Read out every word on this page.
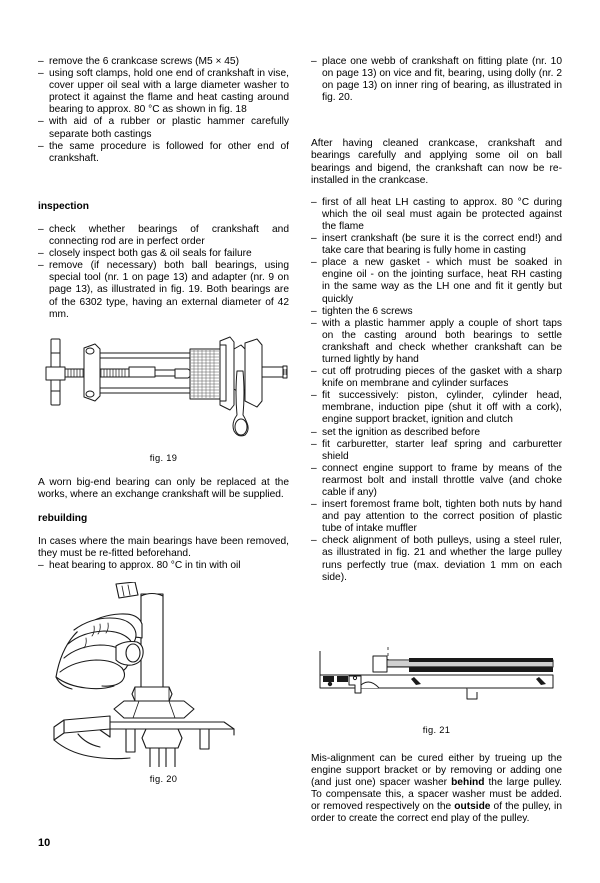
– remove the 6 crankcase screws (M5 × 45)
– using soft clamps, hold one end of crankshaft in vise, cover upper oil seal with a large diameter washer to protect it against the flame and heat casting around bearing to approx. 80 °C as shown in fig. 18
– with aid of a rubber or plastic hammer carefully separate both castings
– the same procedure is followed for other end of crankshaft.
inspection
– check whether bearings of crankshaft and connecting rod are in perfect order
– closely inspect both gas & oil seals for failure
– remove (if necessary) both ball bearings, using special tool (nr. 1 on page 13) and adapter (nr. 9 on page 13), as illustrated in fig. 19. Both bearings are of the 6302 type, having an external diameter of 42 mm.
fig. 19

A worn big-end bearing can only be replaced at the works, where an exchange crankshaft will be supplied.

rebuilding

In cases where the main bearings have been removed, they must be re-fitted beforehand.

– heat bearing to approx. 80 °C in tin with oil
fig. 20
– place one webb of crankshaft on fitting plate (nr. 10 on page 13) on vice and fit, bearing, using dolly (nr. 2 on page 13) on inner ring of bearing, as illustrated in fig. 20.

After having cleaned crankcase, crankshaft and bearings carefully and applying some oil on ball bearings and bigend, the crankshaft can now be re-installed in the crankcase.

– first of all heat LH casting to approx. 80 °C during which the oil seal must again be protected against the flame
– insert crankshaft (be sure it is the correct end!) and take care that bearing is fully home in casting
– place a new gasket - which must be soaked in engine oil - on the jointing surface, heat RH casting in the same way as the LH one and fit it gently but quickly
– tighten the 6 screws
– with a plastic hammer apply a couple of short taps on the casting around both bearings to settle crankshaft and check whether crankshaft can be turned lightly by hand
– cut off protruding pieces of the gasket with a sharp knife on membrane and cylinder surfaces
– fit successively: piston, cylinder, cylinder head, membrane, induction pipe (shut it off with a cork), engine support bracket, ignition and clutch
– set the ignition as described before
– fit carburetter, starter leaf spring and carburetter shield
– connect engine support to frame by means of the rearmost bolt and install throttle valve (and choke cable if any)
– insert foremost frame bolt, tighten both nuts by hand and pay attention to the correct position of plastic tube of intake muffler
– check alignment of both pulleys, using a steel ruler, as illustrated in fig. 21 and whether the large pulley runs perfectly true (max. deviation 1 mm on each side).
fig. 21

Mis-alignment can be cured either by trueing up the engine support bracket or by removing or adding one (and just one) spacer washer behind the large pulley. To compensate this, a spacer washer must be added. or removed respectively on the outside of the pulley, in order to create the correct end play of the pulley.

10
